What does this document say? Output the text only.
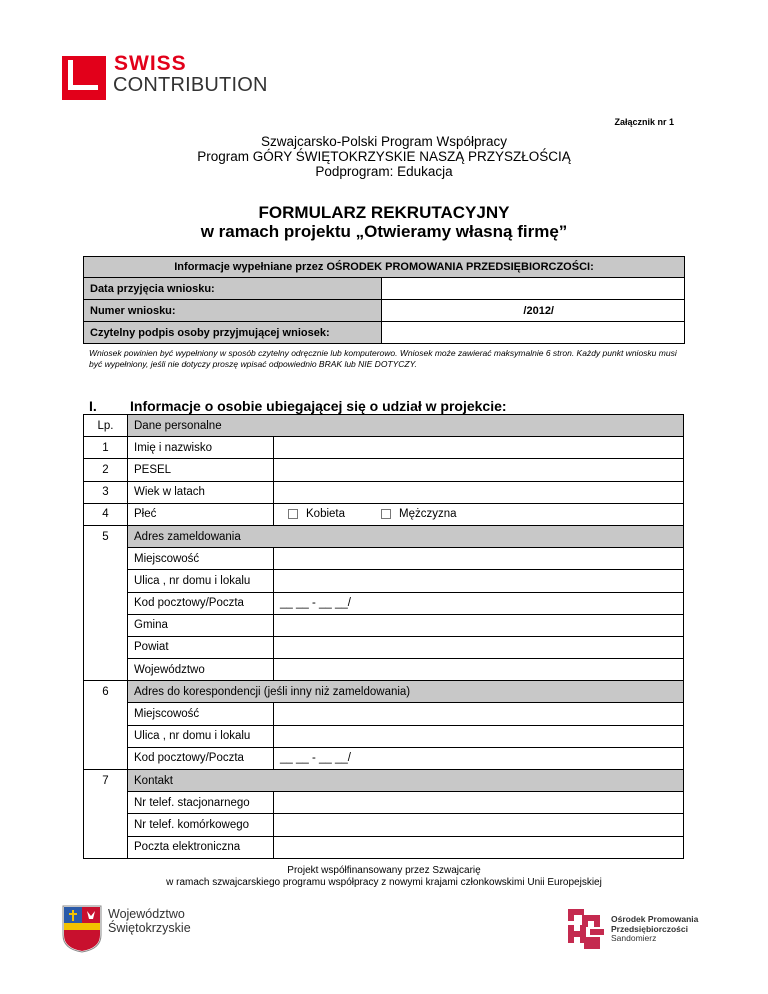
SWISS
CONTRIBUTION
Załącznik nr 1
Szwajcarsko-Polski Program Współpracy
Program GÓRY ŚWIĘTOKRZYSKIE NASZĄ PRZYSZŁOŚCIĄ
Podprogram: Edukacja
FORMULARZ REKRUTACYJNY
w ramach projektu „Otwieramy własną firmę”
Informacje wypełniane przez OŚRODEK PROMOWANIA PRZEDSIĘBIORCZOŚCI:	
Data przyjęcia wniosku:	
Numer wniosku:	/2012/
Czytelny podpis osoby przyjmującej wniosek:	
Wniosek powinien być wypełniony w sposób czytelny odręcznie lub komputerowo. Wniosek może zawierać maksymalnie 6 stron. Każdy punkt wniosku musi być wypełniony, jeśli nie dotyczy proszę wpisać odpowiednio BRAK lub NIE DOTYCZY.
I. Informacje o osobie ubiegającej się o udział w projekcie:
Lp.	Dane personalne	
1	Imię i nazwisko	
2	PESEL	
3	Wiek w latach	
4	Płeć	Kobieta Mężczyzna
5	Adres zameldowania	
	Miejscowość	
	Ulica , nr domu i lokalu	
	Kod pocztowy/Poczta	__ __ - __ __/
	Gmina	
	Powiat	
	Województwo	
6	Adres do korespondencji (jeśli inny niż zameldowania)	
	Miejscowość	
	Ulica , nr domu i lokalu	
	Kod pocztowy/Poczta	__ __ - __ __/
7	Kontakt	
	Nr telef. stacjonarnego	
	Nr telef. komórkowego	
	Poczta elektroniczna	
Projekt współfinansowany przez Szwajcarię
w ramach szwajcarskiego programu współpracy z nowymi krajami członkowskimi Unii Europejskiej
Województwo
Świętokrzyskie
Ośrodek Promowania
Przedsiębiorczości
Sandomierz
